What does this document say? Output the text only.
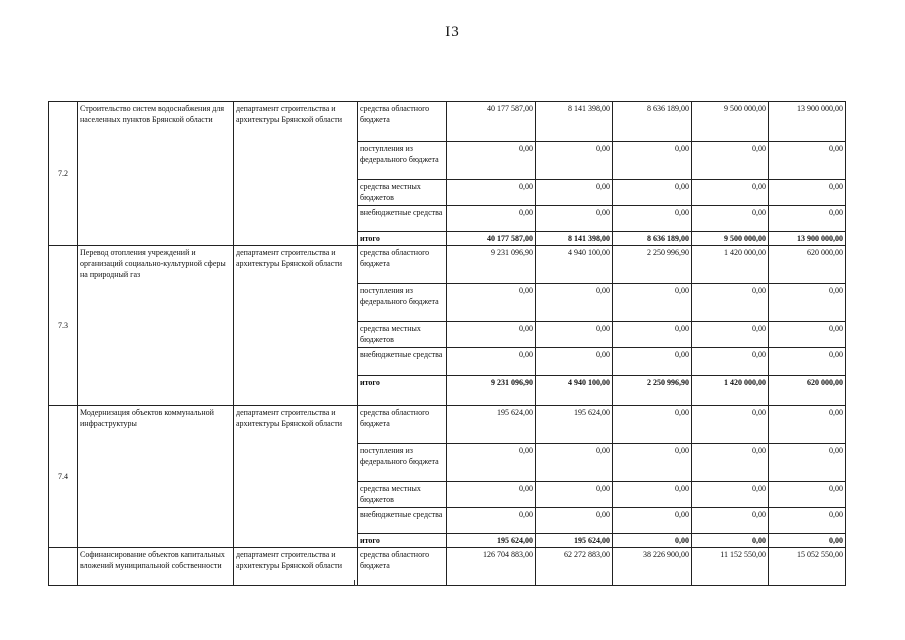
I3
7.2	Строительство систем водоснабжения для населенных пунктов Брянской области	департамент строительства и архитектуры Брянской области	средства областного бюджета	40 177 587,00	8 141 398,00	8 636 189,00	9 500 000,00	13 900 000,00
			поступления из федерального бюджета	0,00	0,00	0,00	0,00	0,00
			средства местных бюджетов	0,00	0,00	0,00	0,00	0,00
			внебюджетные средства	0,00	0,00	0,00	0,00	0,00
			итого	40 177 587,00	8 141 398,00	8 636 189,00	9 500 000,00	13 900 000,00
7.3	Перевод отопления учреждений и организаций социально-культурной сферы на природный газ	департамент строительства и архитектуры Брянской области	средства областного бюджета	9 231 096,90	4 940 100,00	2 250 996,90	1 420 000,00	620 000,00
			поступления из федерального бюджета	0,00	0,00	0,00	0,00	0,00
			средства местных бюджетов	0,00	0,00	0,00	0,00	0,00
			внебюджетные средства	0,00	0,00	0,00	0,00	0,00
			итого	9 231 096,90	4 940 100,00	2 250 996,90	1 420 000,00	620 000,00
7.4	Модернизация объектов коммунальной инфраструктуры	департамент строительства и архитектуры Брянской области	средства областного бюджета	195 624,00	195 624,00	0,00	0,00	0,00
			поступления из федерального бюджета	0,00	0,00	0,00	0,00	0,00
			средства местных бюджетов	0,00	0,00	0,00	0,00	0,00
			внебюджетные средства	0,00	0,00	0,00	0,00	0,00
			итого	195 624,00	195 624,00	0,00	0,00	0,00
	Софинансирование объектов капитальных вложений муниципальной собственности	департамент строительства и архитектуры Брянской области	средства областного бюджета	126 704 883,00	62 272 883,00	38 226 900,00	11 152 550,00	15 052 550,00
